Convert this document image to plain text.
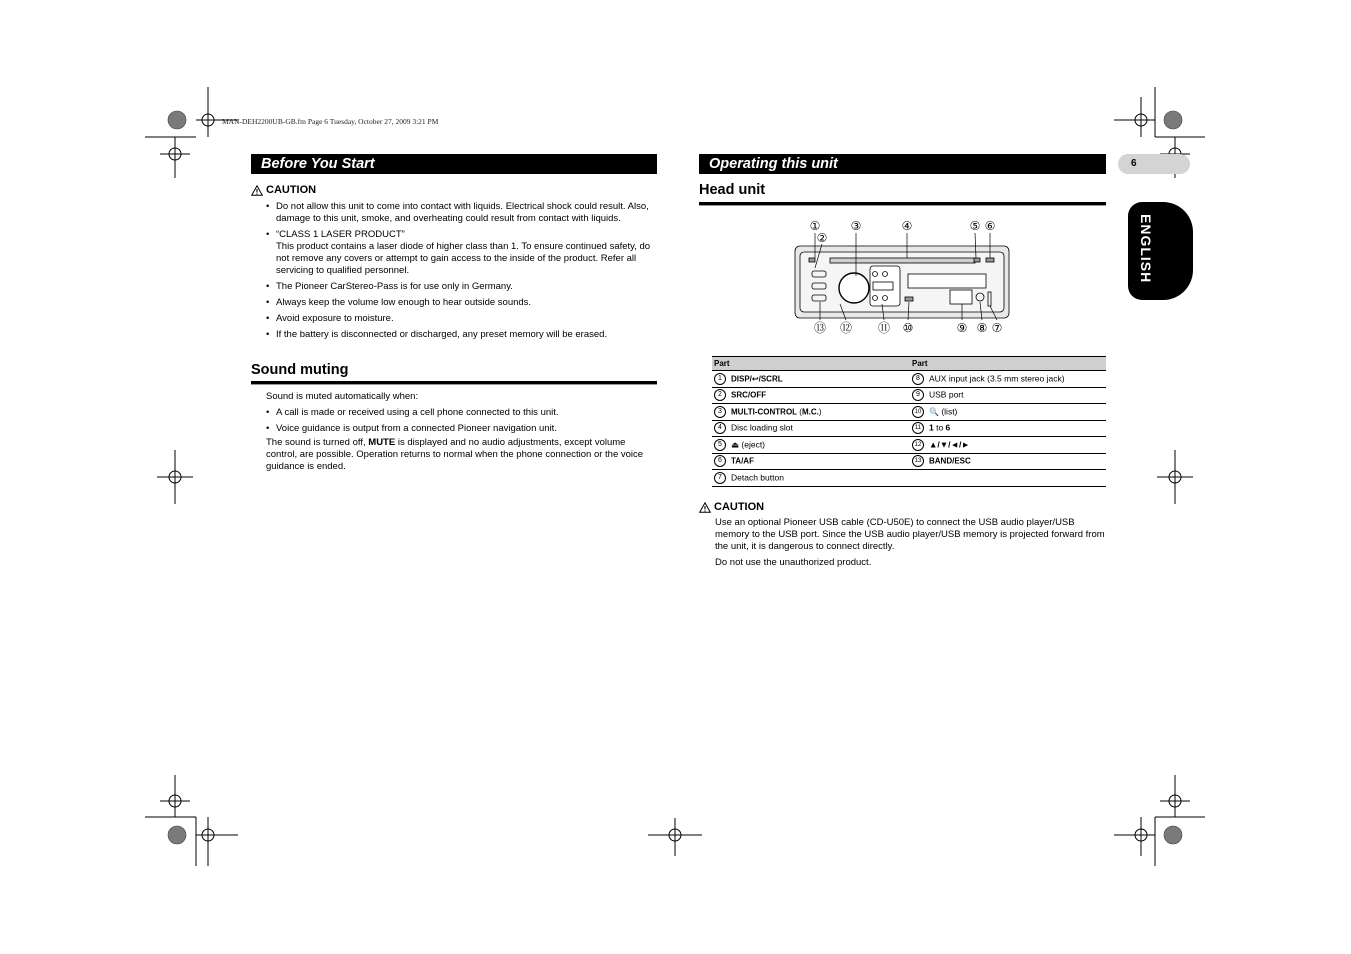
MAN-DEH2200UB-GB.fm Page 6 Tuesday, October 27, 2009 3:21 PM
6
ENGLISH
Before You Start
CAUTION
• Do not allow this unit to come into contact with liquids. Electrical shock could result. Also, damage to this unit, smoke, and overheating could result from contact with liquids.
• “CLASS 1 LASER PRODUCT”
This product contains a laser diode of higher class than 1. To ensure continued safety, do not remove any covers or attempt to gain access to the inside of the product. Refer all servicing to qualified personnel.
• The Pioneer CarStereo-Pass is for use only in Germany.
• Always keep the volume low enough to hear outside sounds.
• Avoid exposure to moisture.
• If the battery is disconnected or discharged, any preset memory will be erased.
Sound muting
Sound is muted automatically when:
• A call is made or received using a cell phone connected to this unit.
• Voice guidance is output from a connected Pioneer navigation unit.
The sound is turned off, MUTE is displayed and no audio adjustments, except volume control, are possible. Operation returns to normal when the phone connection or the voice guidance is ended.
Operating this unit
Head unit
①
②
③	④	⑤ ⑥
⑬ ⑫ ⑪ ⑩	⑨ ⑧ ⑦
Part	Part
1 DISP/↩/SCRL	8 AUX input jack (3.5 mm stereo jack)
2 SRC/OFF	9 USB port
3 MULTI-CONTROL (M.C.)	10 🔍 (list)
4 Disc loading slot	11 1 to 6
5 ⏏ (eject)	12 ▲/▼/◄/►
6 TA/AF	13 BAND/ESC
7 Detach button	
CAUTION
Use an optional Pioneer USB cable (CD-U50E) to connect the USB audio player/USB memory to the USB port. Since the USB audio player/USB memory is projected forward from the unit, it is dangerous to connect directly.
Do not use the unauthorized product.
